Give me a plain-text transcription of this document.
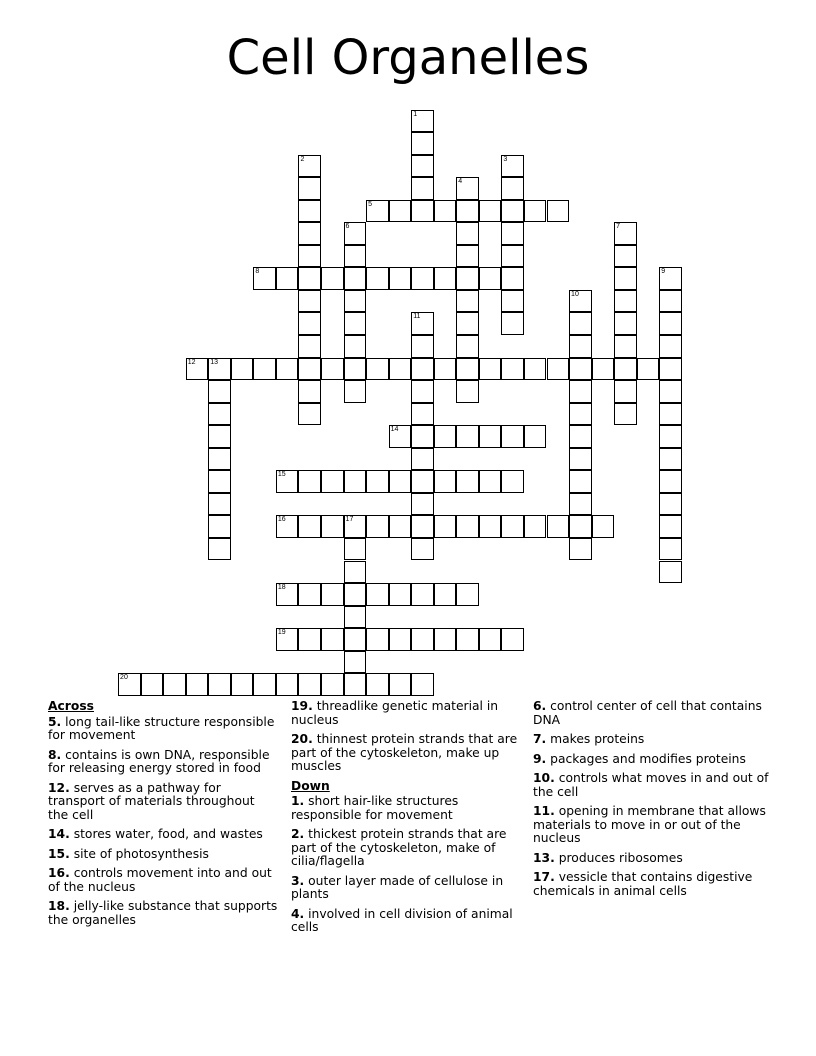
Cell Organelles
1
2	3
4
5
6	7
8	9
10
11
12 13
14
15
16	17
18
19
20
Across
5. long tail-like structure responsible for movement
8. contains is own DNA, responsible for releasing energy stored in food
12. serves as a pathway for transport of materials throughout the cell
14. stores water, food, and wastes
15. site of photosynthesis
16. controls movement into and out of the nucleus
18. jelly-like substance that supports the organelles
19. threadlike genetic material in nucleus
20. thinnest protein strands that are part of the cytoskeleton, make up muscles
Down
1. short hair-like structures responsible for movement
2. thickest protein strands that are part of the cytoskeleton, make of cilia/flagella
3. outer layer made of cellulose in plants
4. involved in cell division of animal cells
6. control center of cell that contains DNA
7. makes proteins
9. packages and modifies proteins
10. controls what moves in and out of the cell
11. opening in membrane that allows materials to move in or out of the nucleus
13. produces ribosomes
17. vessicle that contains digestive chemicals in animal cells
